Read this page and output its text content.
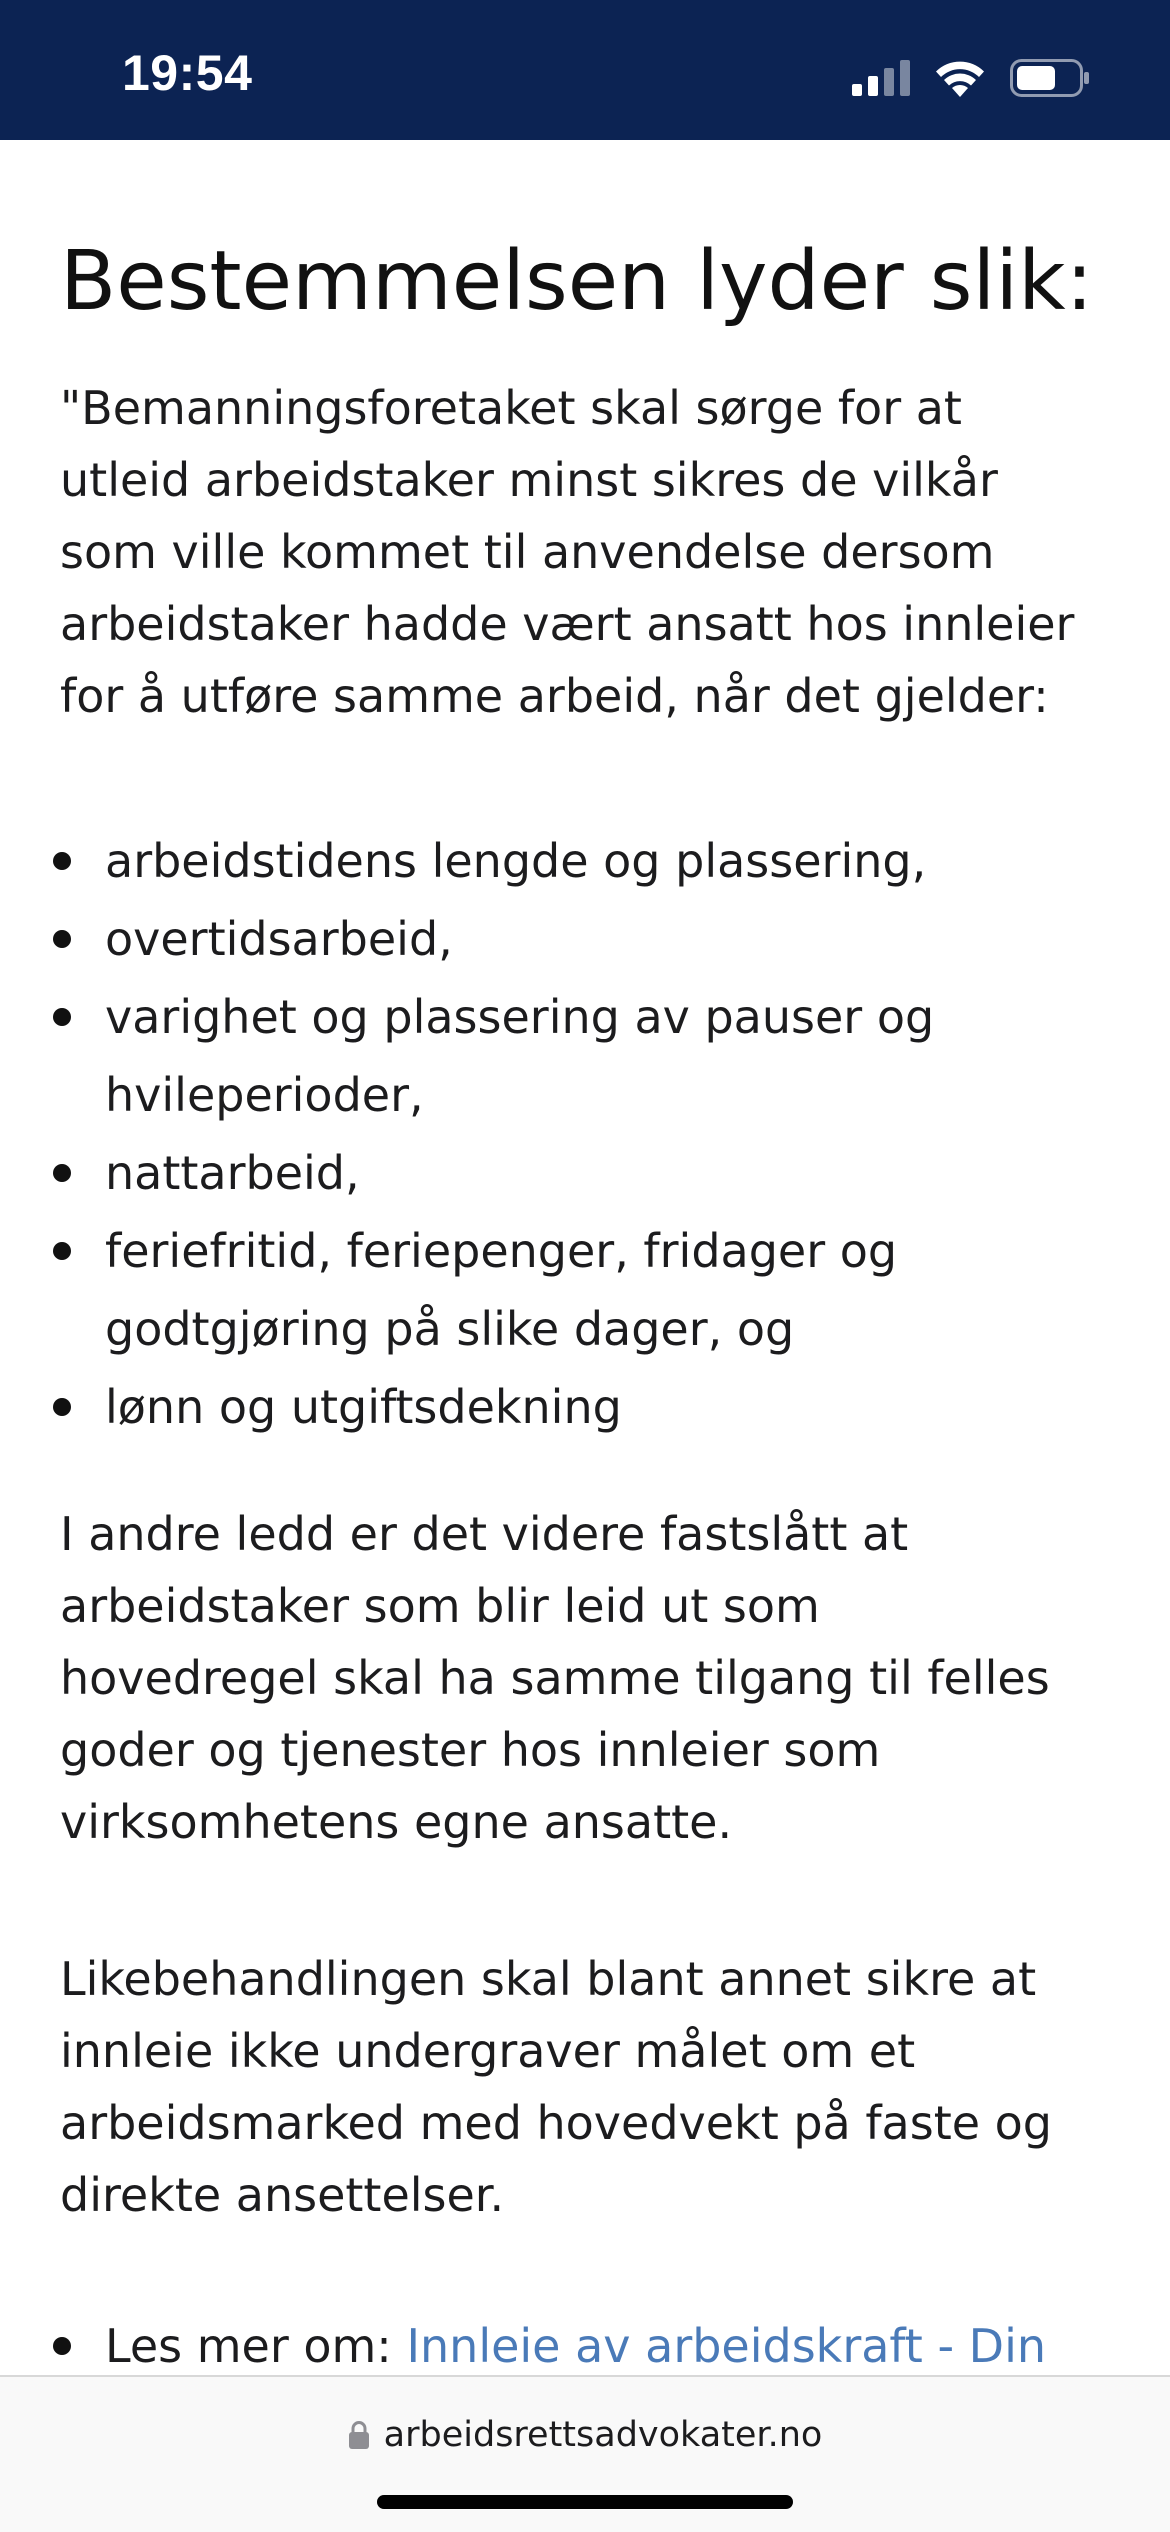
19:54
Bestemmelsen lyder slik:

"Bemanningsforetaket skal sørge for at
utleid arbeidstaker minst sikres de vilkår
som ville kommet til anvendelse dersom
arbeidstaker hadde vært ansatt hos innleier
for å utføre samme arbeid, når det gjelder:

arbeidstidens lengde og plassering,
overtidsarbeid,
varighet og plassering av pauser og
hvileperioder,
nattarbeid,
feriefritid, feriepenger, fridager og
godtgjøring på slike dager, og
lønn og utgiftsdekning

I andre ledd er det videre fastslått at
arbeidstaker som blir leid ut som
hovedregel skal ha samme tilgang til felles
goder og tjenester hos innleier som
virksomhetens egne ansatte.

Likebehandlingen skal blant annet sikre at
innleie ikke undergraver målet om et
arbeidsmarked med hovedvekt på faste og
direkte ansettelser.

Les mer om: Innleie av arbeidskraft - Din
arbeidsrettsadvokater.no
